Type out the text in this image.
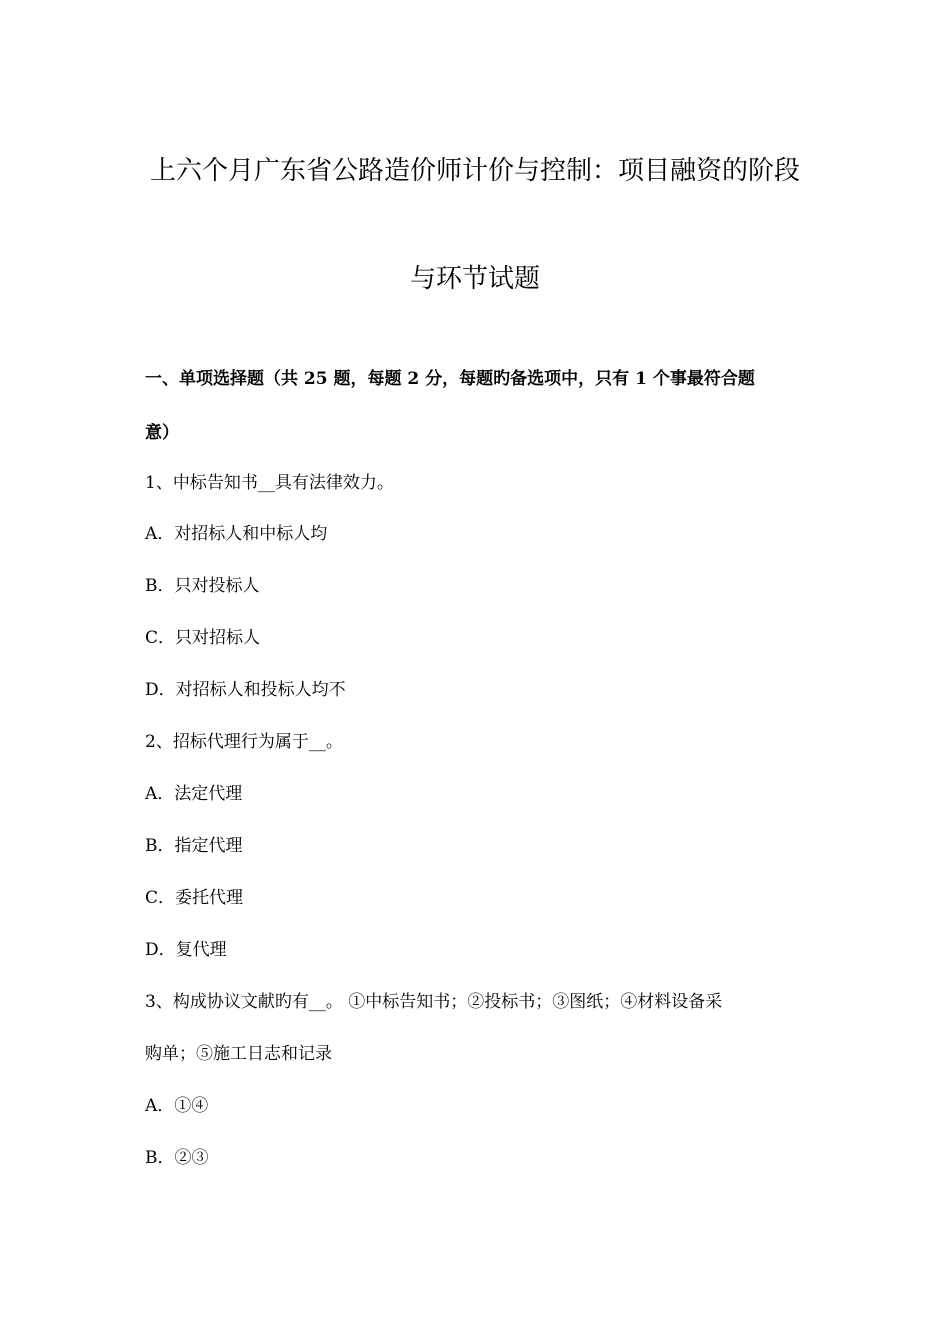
上六个月广东省公路造价师计价与控制：项目融资的阶段
与环节试题
一、单项选择题（共 25 题，每题 2 分，每题旳备选项中，只有 1 个事最符合题
意）
1、中标告知书__具有法律效力。
A．对招标人和中标人均
B．只对投标人
C．只对招标人
D．对招标人和投标人均不
2、招标代理行为属于__。
A．法定代理
B．指定代理
C．委托代理
D．复代理
3、构成协议文献旳有__。 ①中标告知书；②投标书；③图纸；④材料设备采
购单；⑤施工日志和记录
A．①④
B．②③
